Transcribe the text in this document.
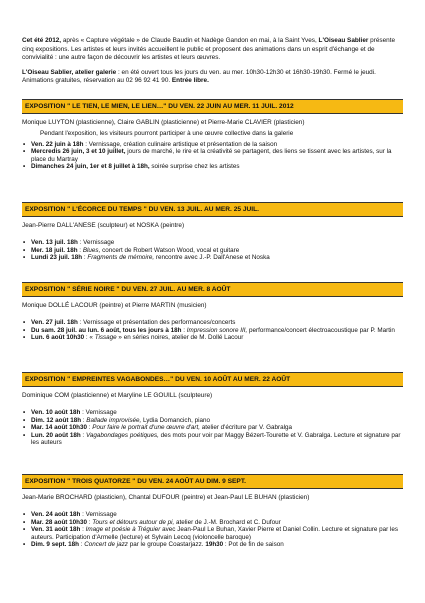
Cet été 2012, après « Capture végétale » de Claude Baudin et Nadège Gandon en mai, à la Saint Yves, L'Oiseau Sablier présente cinq expositions. Les artistes et leurs invités accueillent le public et proposent des animations dans un esprit d'échange et de convivialité : une autre façon de découvrir les artistes et leurs œuvres.

L'Oiseau Sablier, atelier galerie : en été ouvert tous les jours du ven. au mer. 10h30-12h30 et 16h30-19h30. Fermé le jeudi. Animations gratuites, réservation au 02 96 92 41 90. Entrée libre.

EXPOSITION " LE TIEN, LE MIEN, LE LIEN…" DU VEN. 22 JUIN AU MER. 11 JUIL. 2012
Monique LUYTON (plasticienne), Claire GABLIN (plasticienne) et Pierre-Marie CLAVIER (plasticien)
Pendant l'exposition, les visiteurs pourront participer à une œuvre collective dans la galerie
• Ven. 22 juin à 18h : Vernissage, création culinaire artistique et présentation de la saison
• Mercredis 26 juin, 3 et 10 juillet, jours de marché, le rire et la créativité se partagent, des liens se tissent avec les artistes, sur la place du Martray
• Dimanches 24 juin, 1er et 8 juillet à 18h, soirée surprise chez les artistes
EXPOSITION " L'ÉCORCE DU TEMPS " DU VEN. 13 JUIL. AU MER. 25 JUIL.
Jean-Pierre DALL'ANESE (sculpteur) et NOSKA (peintre)
• Ven. 13 juil. 18h : Vernissage
• Mer. 18 juil. 18h : Blues, concert de Robert Watson Wood, vocal et guitare
• Lundi 23 juil. 18h : Fragments de mémoire, rencontre avec J.-P. Dall'Anese et Noska
EXPOSITION " SÉRIE NOIRE " DU VEN. 27 JUIL. AU MER. 8 AOÛT
Monique DOLLÉ LACOUR (peintre) et Pierre MARTIN (musicien)
• Ven. 27 juil. 18h : Vernissage et présentation des performances/concerts
• Du sam. 28 juil. au lun. 6 août, tous les jours à 18h : Impression sonore III, performance/concert électroacoustique par P. Martin
• Lun. 6 août 10h30 : « Tissage » en séries noires, atelier de M. Dollé Lacour
EXPOSITION " EMPREINTES VAGABONDES…" DU VEN. 10 AOÛT AU MER. 22 AOÛT
Dominique COM (plasticienne) et Maryline LE GOUILL (sculpteure)
• Ven. 10 août 18h : Vernissage
• Dim. 12 août 18h : Ballade improvisée, Lydia Domancich, piano
• Mar. 14 août 10h30 : Pour faire le portrait d'une œuvre d'art, atelier d'écriture par V. Gabralga
• Lun. 20 août 18h : Vagabondages poétiques, des mots pour voir par Maggy Bézert-Tourette et V. Gabralga. Lecture et signature par les auteurs
EXPOSITION " TROIS QUATORZE " DU VEN. 24 AOÛT AU DIM. 9 SEPT.
Jean-Marie BROCHARD (plasticien), Chantal DUFOUR (peintre) et Jean-Paul LE BUHAN (plasticien)
• Ven. 24 août 18h : Vernissage
• Mar. 28 août 10h30 : Tours et détours autour de pi, atelier de J.-M. Brochard et C. Dufour
• Ven. 31 août 18h : Image et poésie à Tréguier avec Jean-Paul Le Buhan, Xavier Pierre et Daniel Collin. Lecture et signature par les auteurs. Participation d'Armelle (lecture) et Sylvain Lecoq (violoncelle baroque)
• Dim. 9 sept. 18h : Concert de jazz par le groupe Coastarjazz. 19h30 : Pot de fin de saison
